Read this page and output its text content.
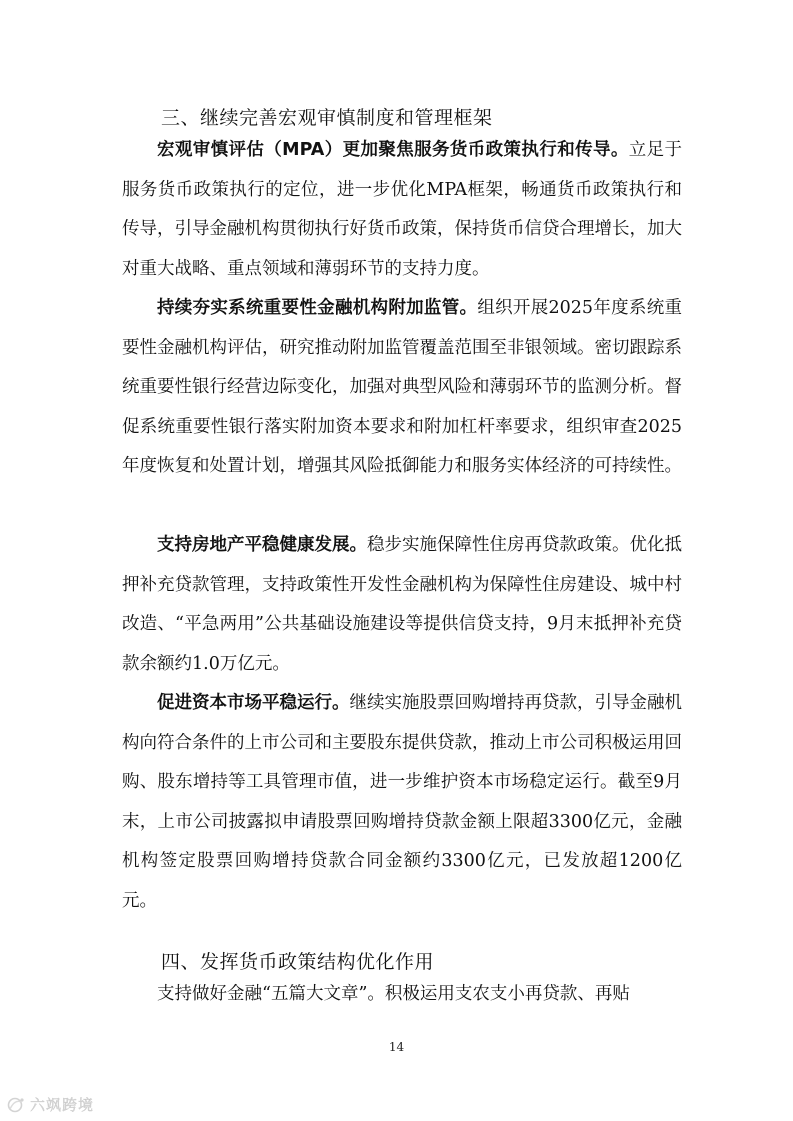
三、继续完善宏观审慎制度和管理框架

宏观审慎评估（MPA）更加聚焦服务货币政策执行和传导。立足于服务货币政策执行的定位，进一步优化MPA框架，畅通货币政策执行和传导，引导金融机构贯彻执行好货币政策，保持货币信贷合理增长，加大对重大战略、重点领域和薄弱环节的支持力度。

持续夯实系统重要性金融机构附加监管。组织开展2025年度系统重要性金融机构评估，研究推动附加监管覆盖范围至非银领域。密切跟踪系统重要性银行经营边际变化，加强对典型风险和薄弱环节的监测分析。督促系统重要性银行落实附加资本要求和附加杠杆率要求，组织审查2025年度恢复和处置计划，增强其风险抵御能力和服务实体经济的可持续性。

支持房地产平稳健康发展。稳步实施保障性住房再贷款政策。优化抵押补充贷款管理，支持政策性开发性金融机构为保障性住房建设、城中村改造、“平急两用”公共基础设施建设等提供信贷支持，9月末抵押补充贷款余额约1.0万亿元。

促进资本市场平稳运行。继续实施股票回购增持再贷款，引导金融机构向符合条件的上市公司和主要股东提供贷款，推动上市公司积极运用回购、股东增持等工具管理市值，进一步维护资本市场稳定运行。截至9月末，上市公司披露拟申请股票回购增持贷款金额上限超3300亿元，金融机构签定股票回购增持贷款合同金额约3300亿元，已发放超1200亿元。

四、发挥货币政策结构优化作用

支持做好金融“五篇大文章”。积极运用支农支小再贷款、再贴

14
六飒跨境
